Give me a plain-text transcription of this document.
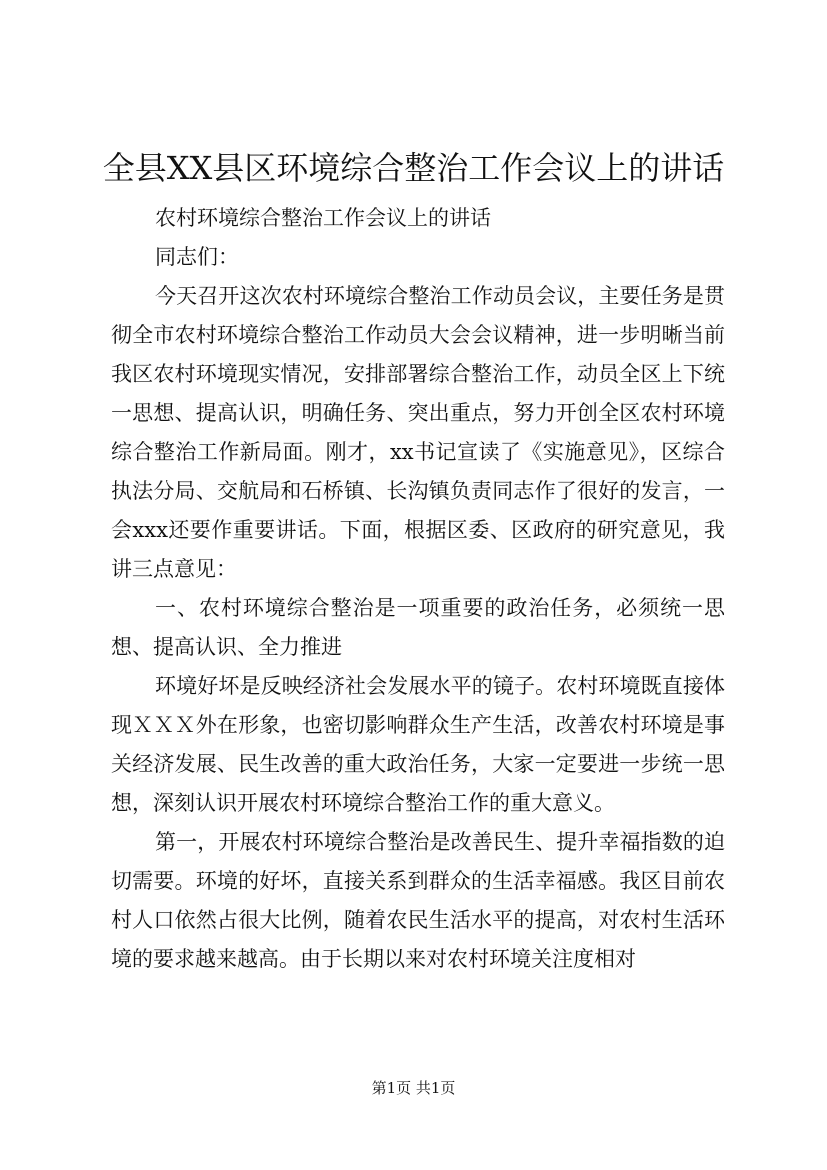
全县XX县区环境综合整治工作会议上的讲话

农村环境综合整治工作会议上的讲话

同志们：

今天召开这次农村环境综合整治工作动员会议，主要任务是贯彻全市农村环境综合整治工作动员大会会议精神，进一步明晰当前我区农村环境现实情况，安排部署综合整治工作，动员全区上下统一思想、提高认识，明确任务、突出重点，努力开创全区农村环境综合整治工作新局面。刚才，xx书记宣读了《实施意见》，区综合执法分局、交航局和石桥镇、长沟镇负责同志作了很好的发言，一会xxx还要作重要讲话。下面，根据区委、区政府的研究意见，我讲三点意见：

一、农村环境综合整治是一项重要的政治任务，必须统一思想、提高认识、全力推进

环境好坏是反映经济社会发展水平的镜子。农村环境既直接体现ＸＸＸ外在形象，也密切影响群众生产生活，改善农村环境是事关经济发展、民生改善的重大政治任务，大家一定要进一步统一思想，深刻认识开展农村环境综合整治工作的重大意义。

第一，开展农村环境综合整治是改善民生、提升幸福指数的迫切需要。环境的好坏，直接关系到群众的生活幸福感。我区目前农村人口依然占很大比例，随着农民生活水平的提高，对农村生活环境的要求越来越高。由于长期以来对农村环境关注度相对

第1页 共1页
